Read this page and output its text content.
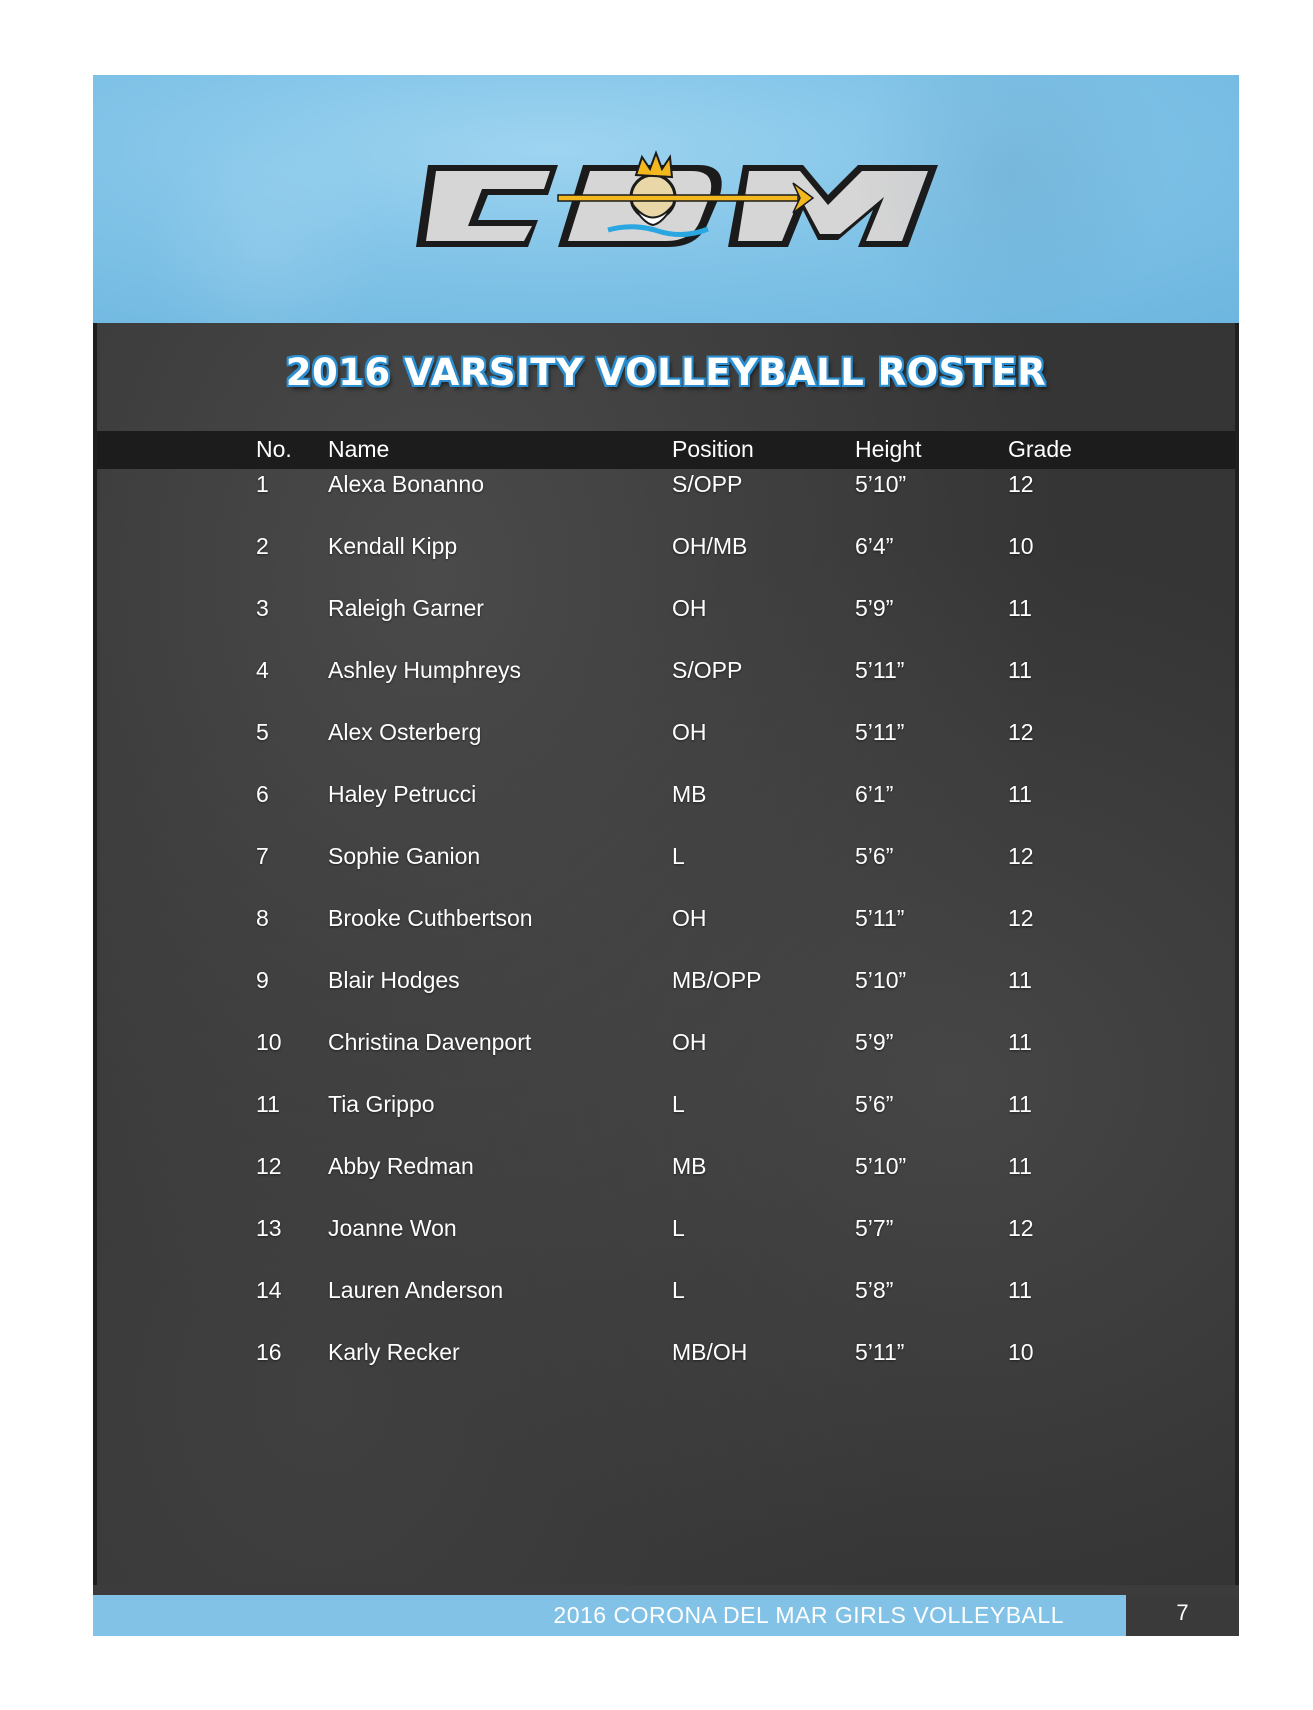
2016 VARSITY VOLLEYBALL ROSTER
No. Name	Position	Height	Grade
1	Alexa Bonanno	S/OPP	5’10”	12
2	Kendall Kipp	OH/MB	6’4”	10
3	Raleigh Garner	OH	5’9”	11
4	Ashley Humphreys	S/OPP	5’11”	11
5	Alex Osterberg	OH	5’11”	12
6	Haley Petrucci	MB	6’1”	11
7	Sophie Ganion	L	5’6”	12
8	Brooke Cuthbertson	OH	5’11”	12
9	Blair Hodges	MB/OPP	5’10”	11
10 Christina Davenport	OH	5’9”	11
11 Tia Grippo	L	5’6”	11
12 Abby Redman	MB	5’10”	11
13 Joanne Won	L	5’7”	12
14 Lauren Anderson	L	5’8”	11
16 Karly Recker	MB/OH	5’11”	10
2016 CORONA DEL MAR GIRLS VOLLEYBALL	7
